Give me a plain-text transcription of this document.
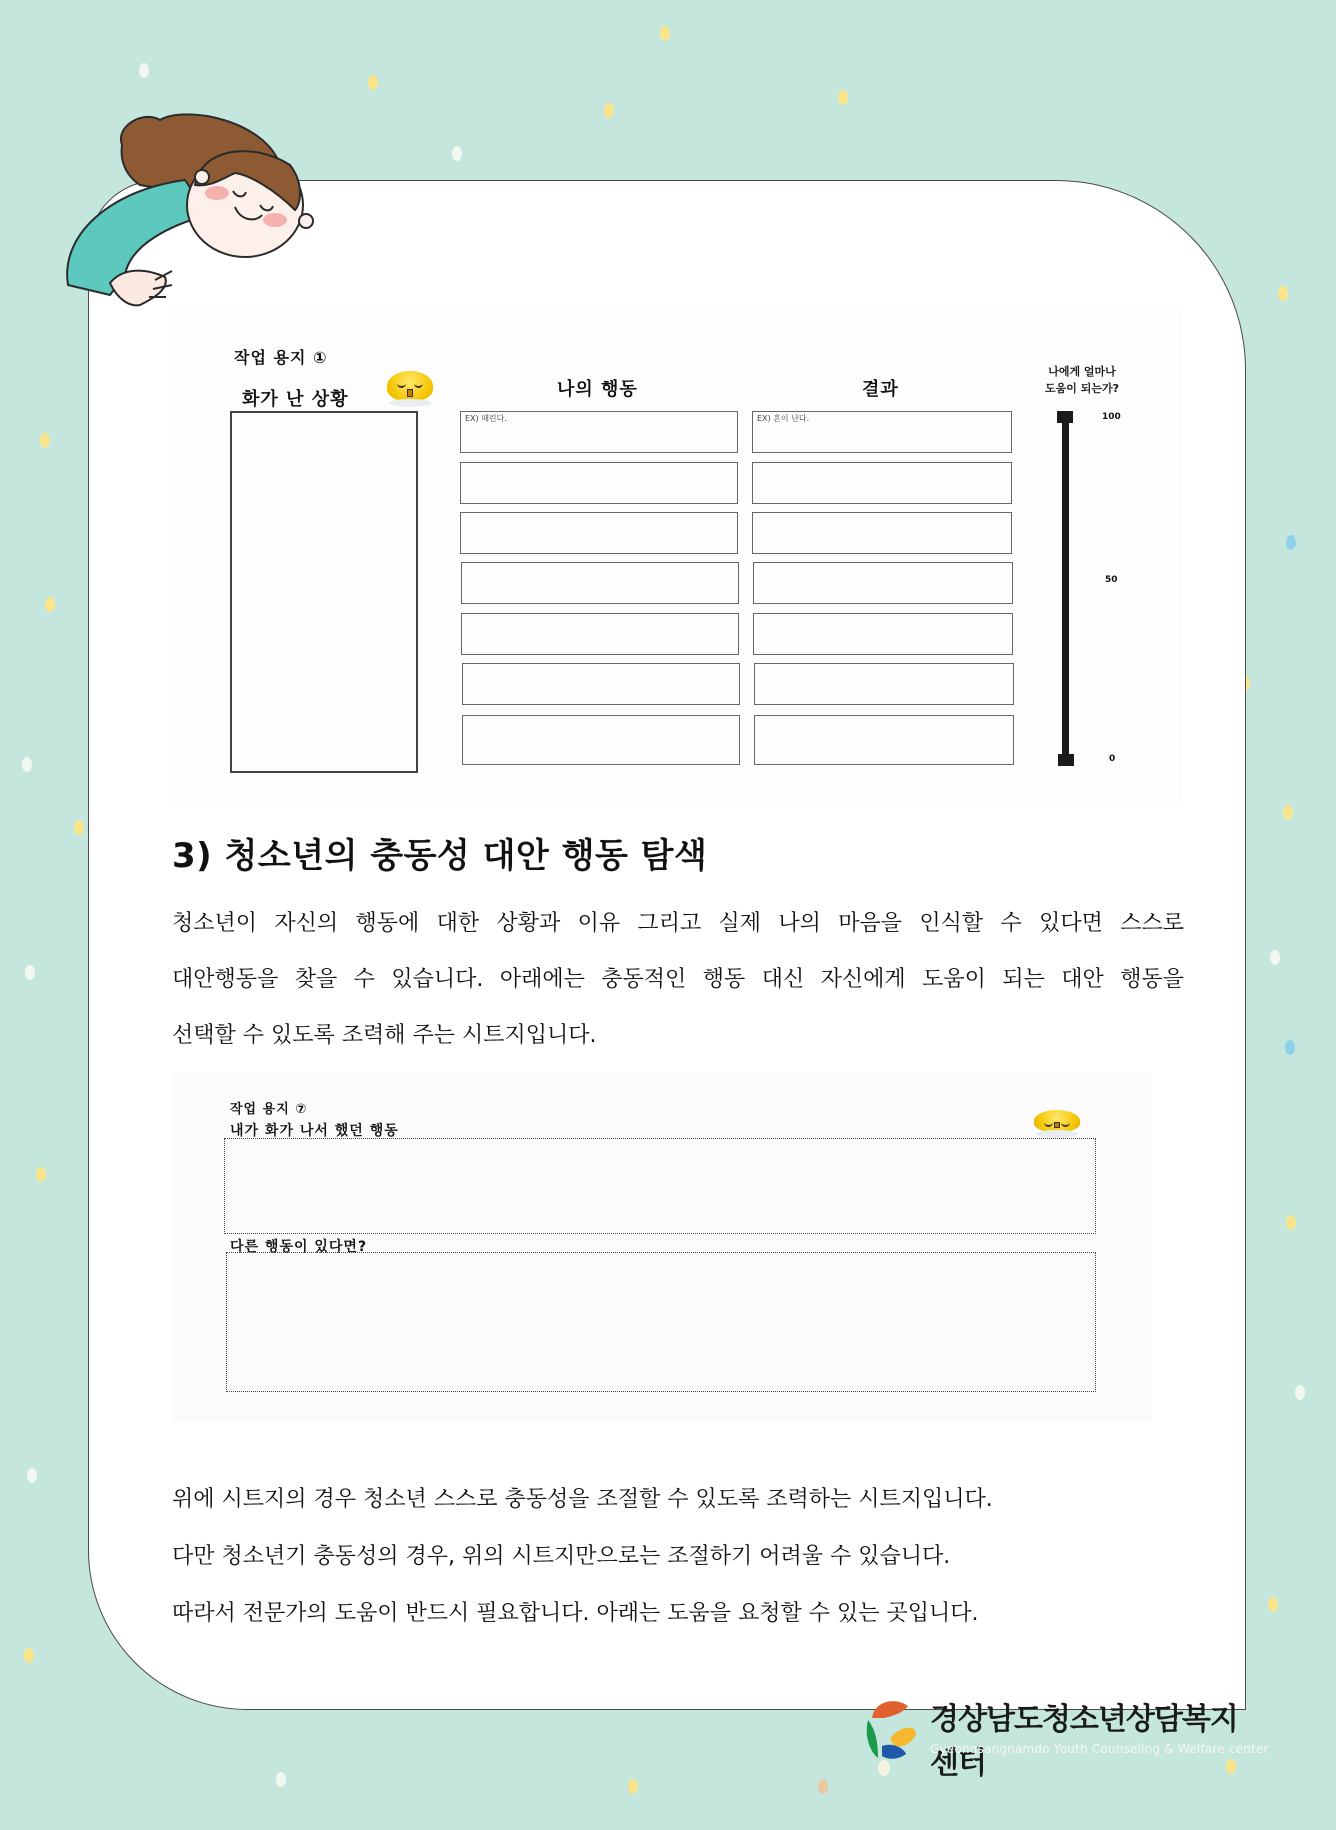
작업 용지 ①
화가 난 상황	나의 행동	결과
나에게 얼마나
도움이 되는가?
EX) 때린다.	EX) 혼이 난다.	100
50
0
3) 청소년의 충동성 대안 행동 탐색
청소년이 자신의 행동에 대한 상황과 이유 그리고 실제 나의 마음을 인식할 수 있다면 스스로
대안행동을 찾을 수 있습니다. 아래에는 충동적인 행동 대신 자신에게 도움이 되는 대안 행동을
선택할 수 있도록 조력해 주는 시트지입니다.
작업 용지 ⑦
내가 화가 나서 했던 행동
다른 행동이 있다면?
위에 시트지의 경우 청소년 스스로 충동성을 조절할 수 있도록 조력하는 시트지입니다.
다만 청소년기 충동성의 경우, 위의 시트지만으로는 조절하기 어려울 수 있습니다.
따라서 전문가의 도움이 반드시 필요합니다. 아래는 도움을 요청할 수 있는 곳입니다.
경상남도청소년상담복지센터
Gyeongsangnamdo Youth Counseling & Welfare center
